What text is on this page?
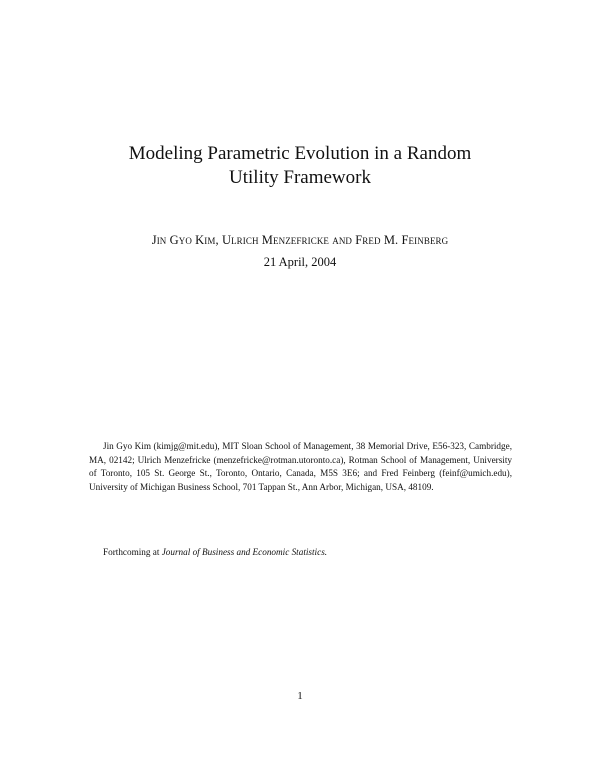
Modeling Parametric Evolution in a Random
Utility Framework
Jin Gyo Kim, Ulrich Menzefricke and Fred M. Feinberg
21 April, 2004

Jin Gyo Kim (kimjg@mit.edu), MIT Sloan School of Management, 38 Memorial Drive, E56-323, Cambridge, MA, 02142; Ulrich Menzefricke (menzefricke@rotman.utoronto.ca), Rotman School of Management, University of Toronto, 105 St. George St., Toronto, Ontario, Canada, M5S 3E6; and Fred Feinberg (feinf@umich.edu), University of Michigan Business School, 701 Tappan St., Ann Arbor, Michigan, USA, 48109.

Forthcoming at Journal of Business and Economic Statistics.
1
